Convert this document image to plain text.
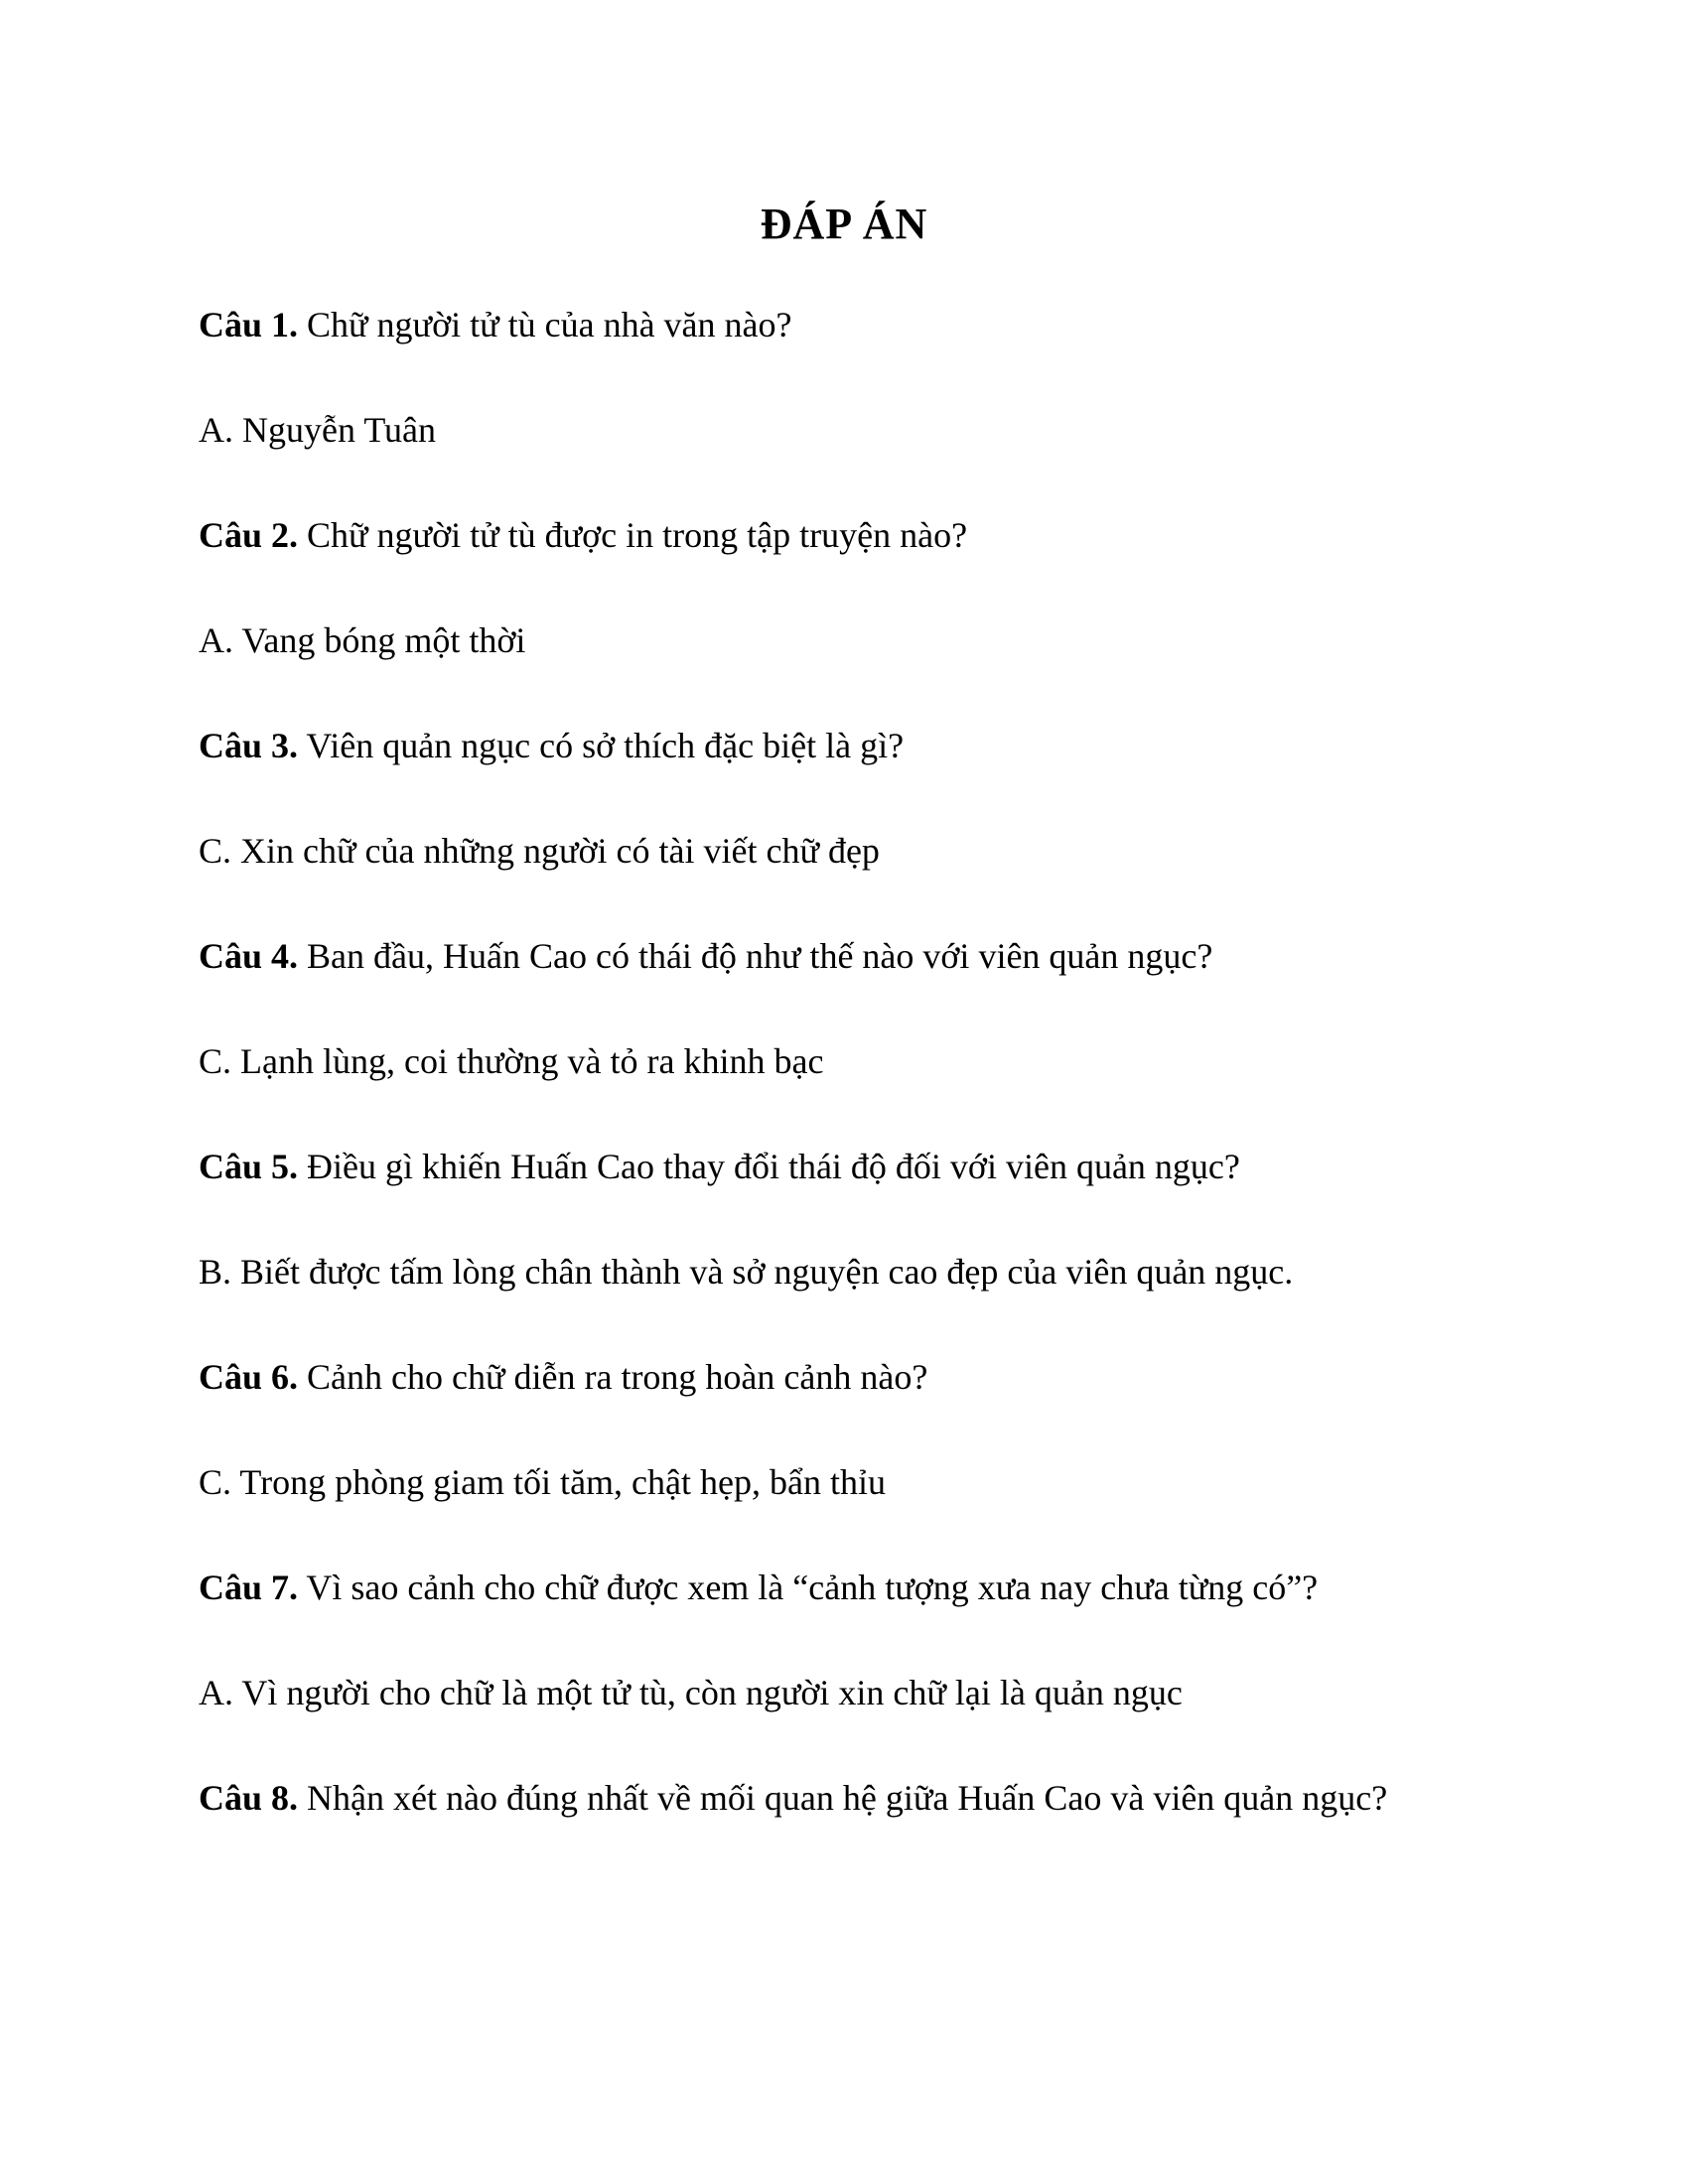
ĐÁP ÁN

Câu 1. Chữ người tử tù của nhà văn nào?

A. Nguyễn Tuân

Câu 2. Chữ người tử tù được in trong tập truyện nào?

A. Vang bóng một thời

Câu 3. Viên quản ngục có sở thích đặc biệt là gì?

C. Xin chữ của những người có tài viết chữ đẹp

Câu 4. Ban đầu, Huấn Cao có thái độ như thế nào với viên quản ngục?

C. Lạnh lùng, coi thường và tỏ ra khinh bạc

Câu 5. Điều gì khiến Huấn Cao thay đổi thái độ đối với viên quản ngục?

B. Biết được tấm lòng chân thành và sở nguyện cao đẹp của viên quản ngục.

Câu 6. Cảnh cho chữ diễn ra trong hoàn cảnh nào?

C. Trong phòng giam tối tăm, chật hẹp, bẩn thỉu

Câu 7. Vì sao cảnh cho chữ được xem là “cảnh tượng xưa nay chưa từng có”?

A. Vì người cho chữ là một tử tù, còn người xin chữ lại là quản ngục

Câu 8. Nhận xét nào đúng nhất về mối quan hệ giữa Huấn Cao và viên quản ngục?
